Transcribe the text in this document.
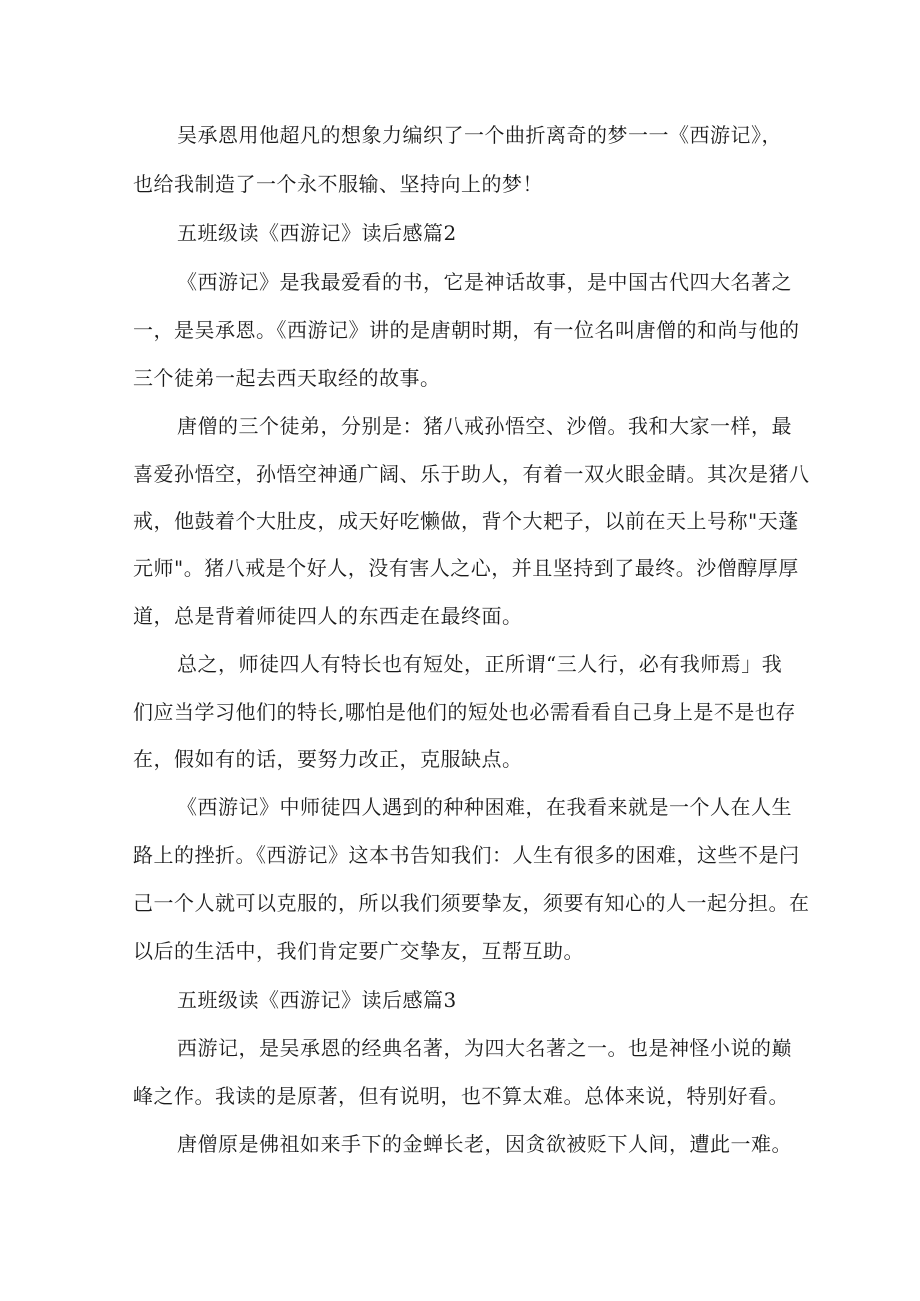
吴承恩用他超凡的想象力编织了一个曲折离奇的梦一一《西游记》，
也给我制造了一个永不服输、坚持向上的梦！
五班级读《西游记》读后感篇2
《西游记》是我最爱看的书，它是神话故事，是中国古代四大名著之
一，是吴承恩。《西游记》讲的是唐朝时期，有一位名叫唐僧的和尚与他的
三个徒弟一起去西天取经的故事。
唐僧的三个徒弟，分别是：猪八戒孙悟空、沙僧。我和大家一样，最
喜爱孙悟空，孙悟空神通广阔、乐于助人，有着一双火眼金睛。其次是猪八
戒，他鼓着个大肚皮，成天好吃懒做，背个大耙子，以前在天上号称"天蓬
元师"。猪八戒是个好人，没有害人之心，并且坚持到了最终。沙僧醇厚厚
道，总是背着师徒四人的东西走在最终面。
总之，师徒四人有特长也有短处，正所谓“三人行，必有我师焉」我
们应当学习他们的特长,哪怕是他们的短处也必需看看自己身上是不是也存
在，假如有的话，要努力改正，克服缺点。
《西游记》中师徒四人遇到的种种困难，在我看来就是一个人在人生
路上的挫折。《西游记》这本书告知我们：人生有很多的困难，这些不是闩
己一个人就可以克服的，所以我们须要挚友，须要有知心的人一起分担。在
以后的生活中，我们肯定要广交挚友，互帮互助。
五班级读《西游记》读后感篇3
西游记，是吴承恩的经典名著，为四大名著之一。也是神怪小说的巅
峰之作。我读的是原著，但有说明，也不算太难。总体来说，特别好看。
唐僧原是佛祖如来手下的金蝉长老，因贪欲被贬下人间，遭此一难。
